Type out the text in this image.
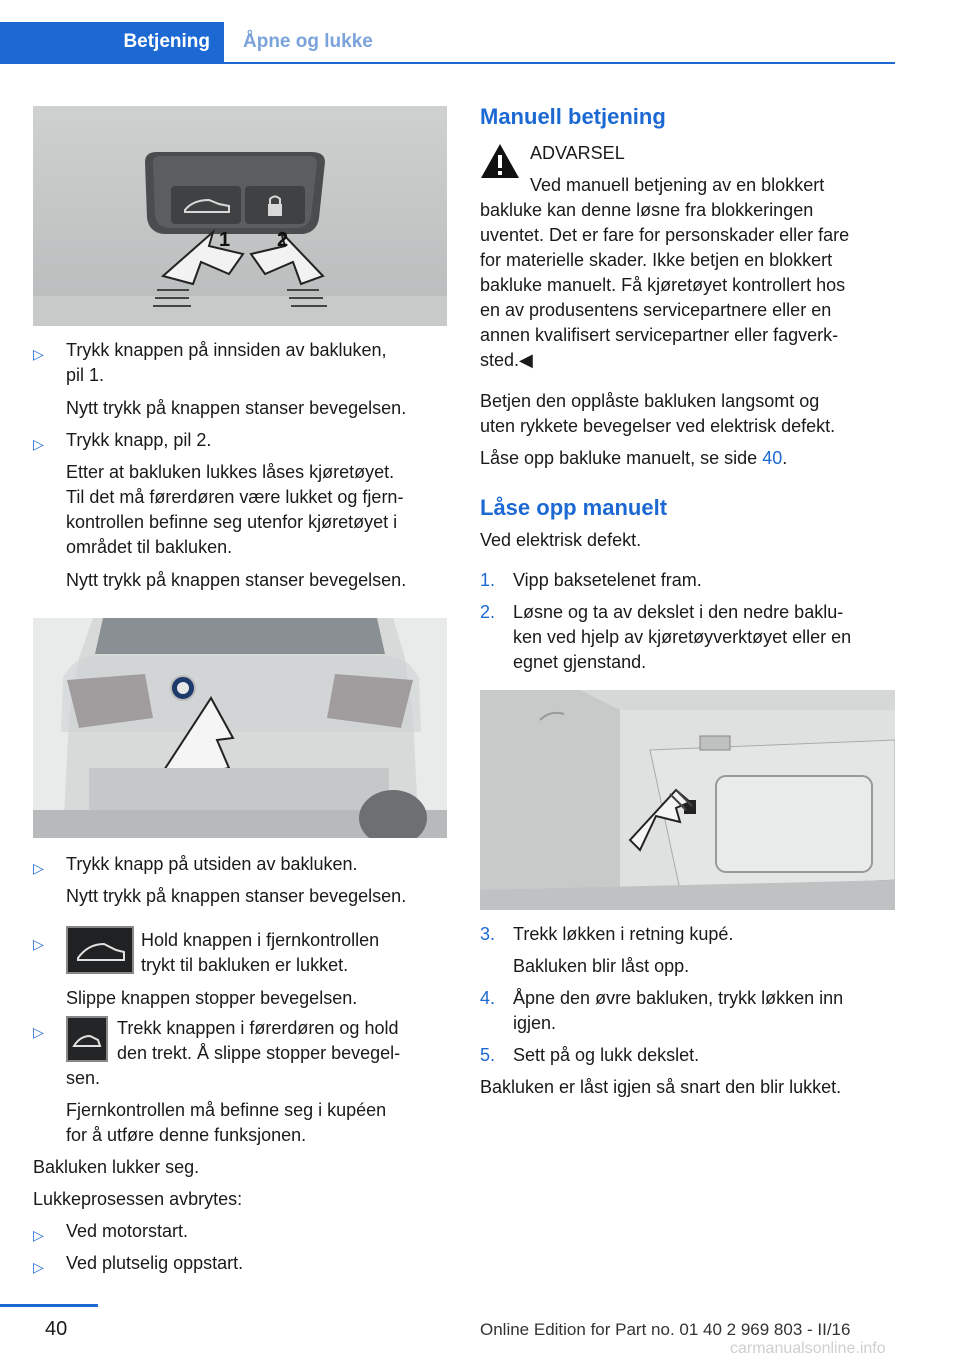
Betjening	Åpne og lukke
1 2
▷ Trykk knappen på innsiden av bakluken,
pil 1.

Nytt trykk på knappen stanser bevegelsen.

▷ Trykk knapp, pil 2.

Etter at bakluken lukkes låses kjøretøyet.
Til det må førerdøren være lukket og fjern-
kontrollen befinne seg utenfor kjøretøyet i
området til bakluken.

Nytt trykk på knappen stanser bevegelsen.

▷ Trykk knapp på utsiden av bakluken.

Nytt trykk på knappen stanser bevegelsen.

▷	Hold knappen i fjernkontrollen
trykt til bakluken er lukket.

Slippe knappen stopper bevegelsen.

▷	Trekk knappen i førerdøren og hold
den trekt. Å slippe stopper bevegel-

sen.

Fjernkontrollen må befinne seg i kupéen
for å utføre denne funksjonen.

Bakluken lukker seg.

Lukkeprosessen avbrytes:

▷ Ved motorstart.

▷ Ved plutselig oppstart.

Manuell betjening

ADVARSEL

Ved manuell betjening av en blokkert

bakluke kan denne løsne fra blokkeringen
uventet. Det er fare for personskader eller fare
for materielle skader. Ikke betjen en blokkert
bakluke manuelt. Få kjøretøyet kontrollert hos
en av produsentens servicepartnere eller en
annen kvalifisert servicepartner eller fagverk-
sted.◀

Betjen den opplåste bakluken langsomt og
uten rykkete bevegelser ved elektrisk defekt.

Låse opp bakluke manuelt, se side 40.

Låse opp manuelt

Ved elektrisk defekt.

1. Vipp baksetelenet fram.

2. Løsne og ta av dekslet i den nedre baklu-
ken ved hjelp av kjøretøyverktøyet eller en
egnet gjenstand.

3. Trekk løkken i retning kupé.

Bakluken blir låst opp.

4. Åpne den øvre bakluken, trykk løkken inn
igjen.

5. Sett på og lukk dekslet.

Bakluken er låst igjen så snart den blir lukket.

40	Online Edition for Part no. 01 40 2 969 803 - II/16
carmanualsonline.info
